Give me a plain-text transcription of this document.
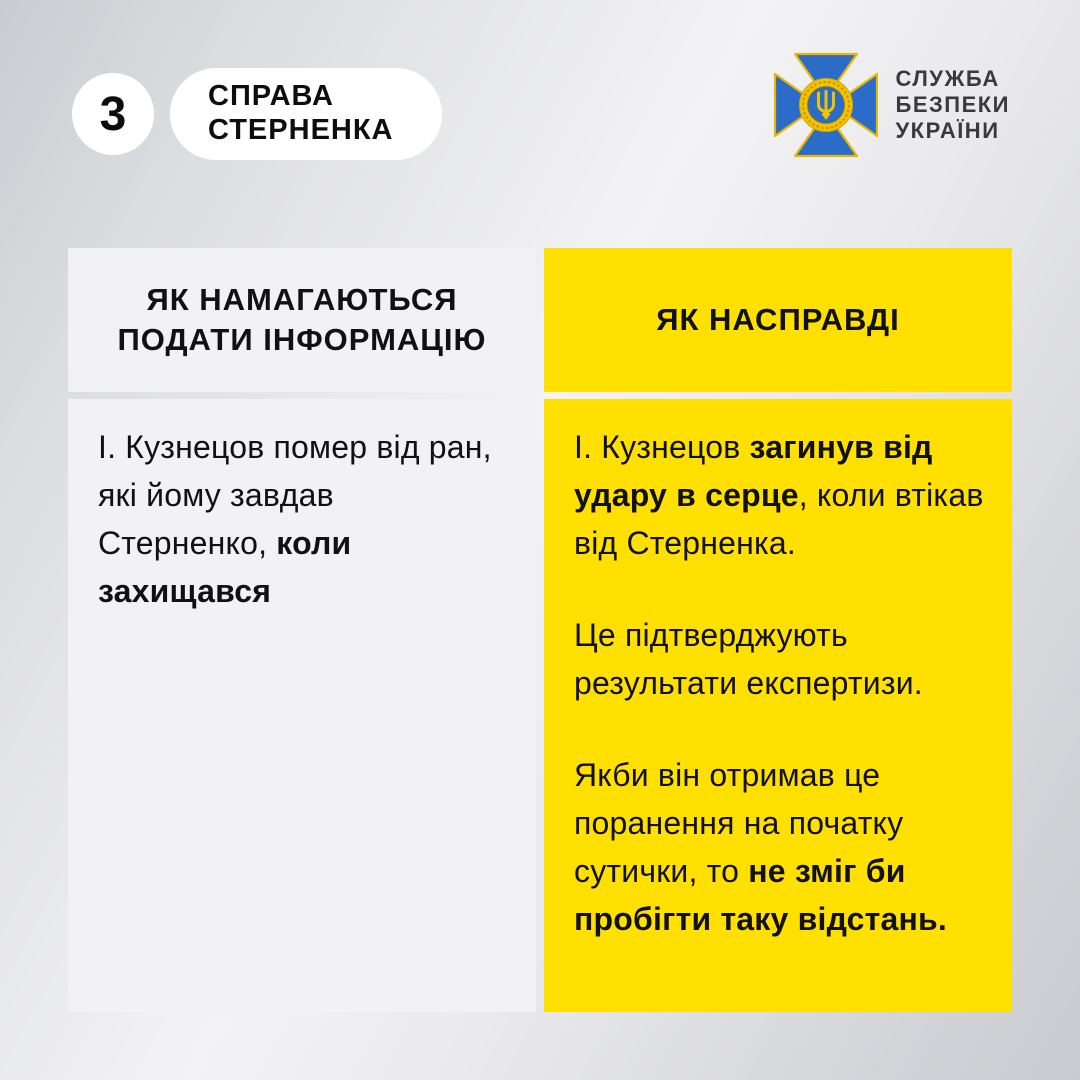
3	СПРАВА
СТЕРНЕНКА
СЛУЖБА
БЕЗПЕКИ
УКРАЇНИ
ЯК НАМАГАЮТЬСЯ ПОДАТИ ІНФОРМАЦІЮ

І. Кузнецов помер від ран, які йому завдав Стерненко, коли захищався

ЯК НАСПРАВДІ

І. Кузнецов загинув від удару в серце, коли втікав від Стерненка.

Це підтверджують результати експертизи.

Якби він отримав це поранення на початку сутички, то не зміг би пробігти таку відстань.
